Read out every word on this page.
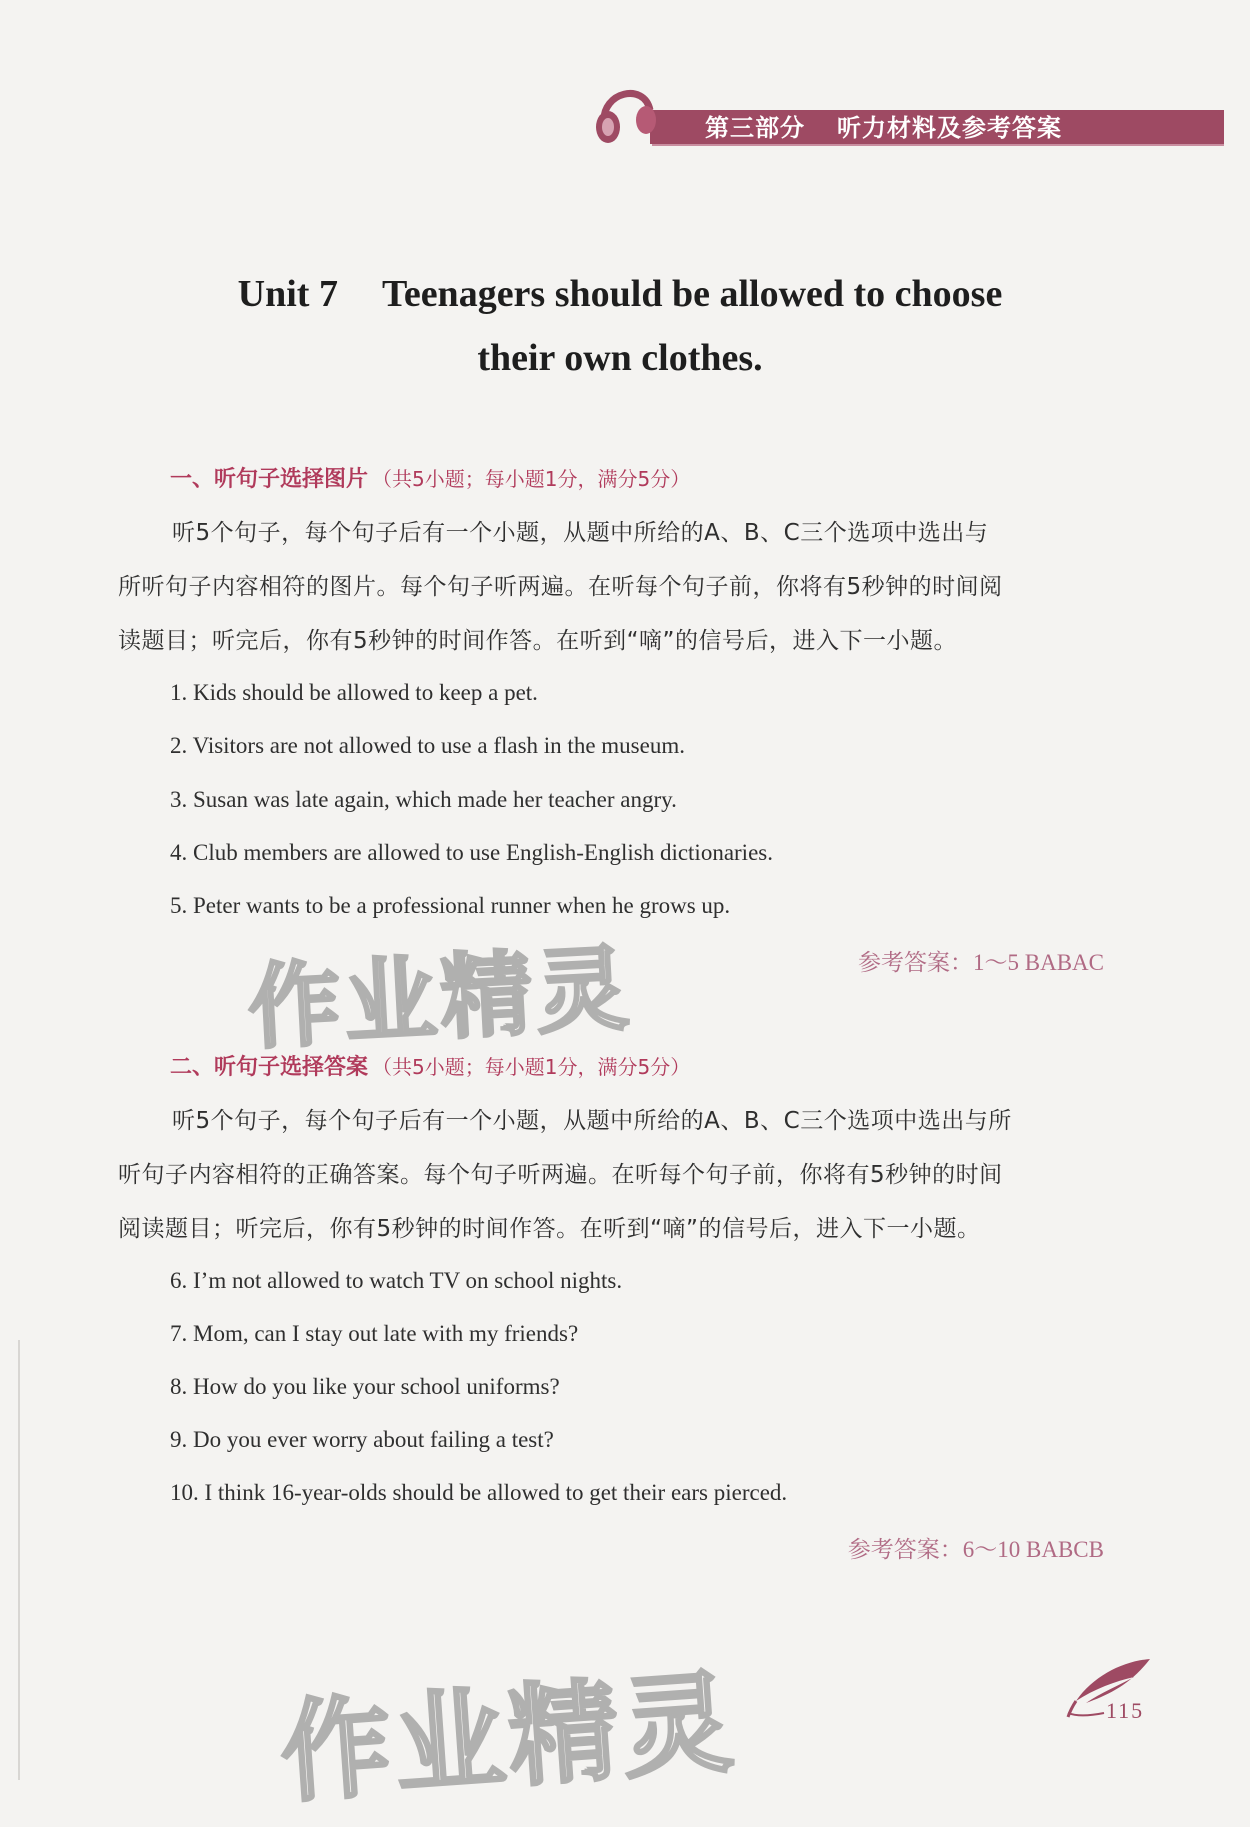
第三部分 听力材料及参考答案
Unit 7 Teenagers should be allowed to choose
their own clothes.
一、听句子选择图片 （共5小题；每小题1分，满分5分）
听5个句子，每个句子后有一个小题，从题中所给的A、B、C三个选项中选出与
所听句子内容相符的图片。每个句子听两遍。在听每个句子前，你将有5秒钟的时间阅
读题目；听完后，你有5秒钟的时间作答。在听到“嘀”的信号后，进入下一小题。
1. Kids should be allowed to keep a pet.
2. Visitors are not allowed to use a flash in the museum.
3. Susan was late again, which made her teacher angry.
4. Club members are allowed to use English-English dictionaries.
5. Peter wants to be a professional runner when he grows up.
参考答案：1～5 BABAC
作业精灵
二、听句子选择答案 （共5小题；每小题1分，满分5分）
听5个句子，每个句子后有一个小题，从题中所给的A、B、C三个选项中选出与所
听句子内容相符的正确答案。每个句子听两遍。在听每个句子前，你将有5秒钟的时间
阅读题目；听完后，你有5秒钟的时间作答。在听到“嘀”的信号后，进入下一小题。
6. I’m not allowed to watch TV on school nights.
7. Mom, can I stay out late with my friends?
8. How do you like your school uniforms?
9. Do you ever worry about failing a test?
10. I think 16-year-olds should be allowed to get their ears pierced.
参考答案：6～10 BABCB
作业精灵	115
